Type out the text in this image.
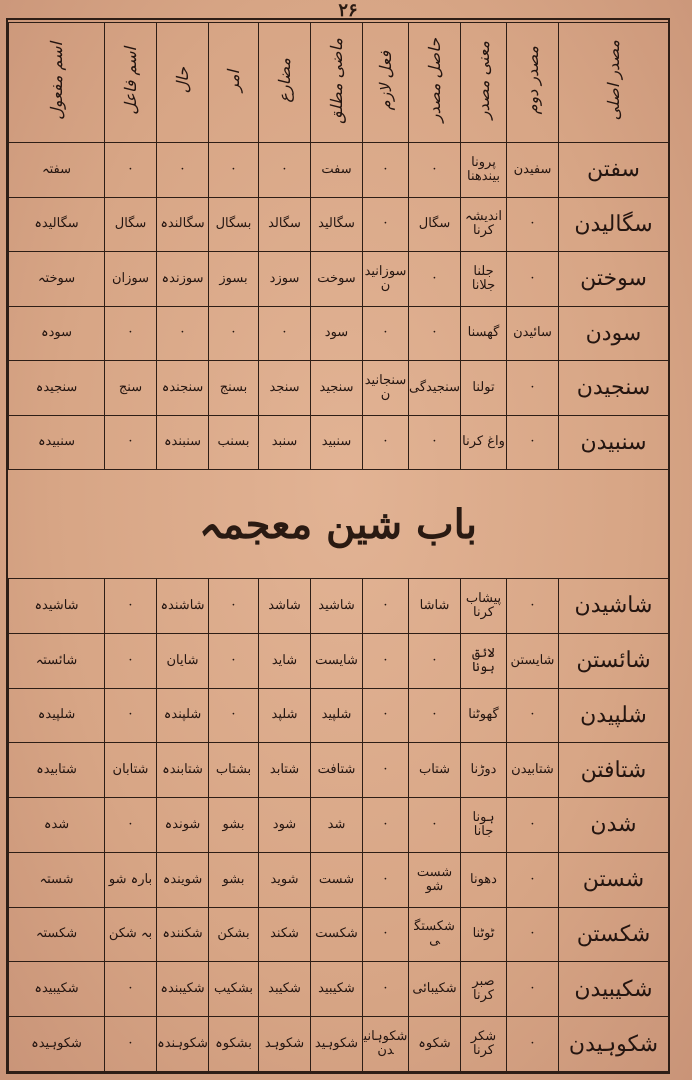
۲۶
مصدر اصلی	مصدر دوم	معنی مصدر	حاصل مصدر	فعل لازم	ماضی مطلق	مضارع	امر	حال	اسم فاعل	اسم مفعول
سفتن	سفیدن	پرونا بیندھنا	·	·	سفت	·	·	·	·	سفتہ
سگالیدن	·	اندیشہ کرنا	سگال	·	سگالید	سگالد	بسگال	سگالندہ	سگال	سگالیدہ
سوختن	·	جلنا جلانا	·	سوزانیدن	سوخت	سوزد	بسوز	سوزندہ	سوزان	سوختہ
سودن	سائیدن	گھسنا	·	·	سود	·	·	·	·	سودہ
سنجیدن	·	تولنا	سنجیدگی	سنجانیدن	سنجید	سنجد	بسنج	سنجندہ	سنج	سنجیدہ
سنبیدن	·	واغ کرنا	·	·	سنبید	سنبد	بسنب	سنبندہ	·	سنبیدہ
باب شین معجمہ
شاشیدن	·	پیشاب کرنا	شاشا	·	شاشید	شاشد	·	شاشندہ	·	شاشیدہ
شائستن	شایستن	لائق ہونا	·	·	شایست	شاید	·	شایان	·	شائستہ
شلپیدن	·	گھوٹنا	·	·	شلپید	شلپد	·	شلپندہ	·	شلپیدہ
شتافتن	شتابیدن	دوڑنا	شتاب	·	شتافت	شتابد	بشتاب	شتابندہ	شتابان	شتابیدہ
شدن	·	ہونا جانا	·	·	شد	شود	بشو	شوندہ	·	شدہ
شستن	·	دھونا	شست شو	·	شست	شوید	بشو	شویندہ	بارہ شو	شستہ
شکستن	·	ٹوٹنا	شکستگی	·	شکست	شکند	بشکن	شکنندہ	بہ شکن	شکستہ
شکیبیدن	·	صبر کرنا	شکیبائی	·	شکیبید	شکیبد	بشکیب	شکیبندہ	·	شکیبیدہ
شکوہیدن	·	شکر کرنا	شکوہ	شکوہانیدن	شکوہید	شکوہد	بشکوہ	شکوہندہ	·	شکوہیدہ
